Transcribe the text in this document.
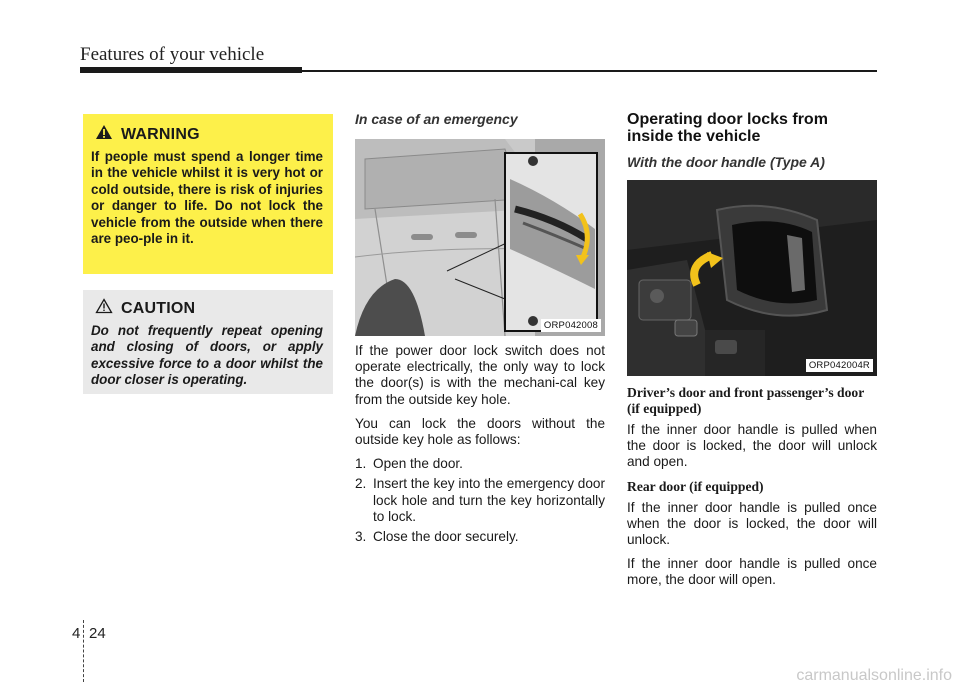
Features of your vehicle
WARNING
If people must spend a longer time in the vehicle whilst it is very hot or cold outside, there is risk of injuries or danger to life. Do not lock the vehicle from the outside when there are peo-ple in it.
CAUTION
Do not frequently repeat opening and closing of doors, or apply excessive force to a door whilst the door closer is operating.
In case of an emergency
ORP042008

If the power door lock switch does not operate electrically, the only way to lock the door(s) is with the mechani-cal key from the outside key hole.

You can lock the doors without the outside key hole as follows:

1. Open the door.
2. Insert the key into the emergency door lock hole and turn the key horizontally to lock.
3. Close the door securely.
Operating door locks from inside the vehicle
With the door handle (Type A)
ORP042004R
Driver’s door and front passenger’s door (if equipped)

If the inner door handle is pulled when the door is locked, the door will unlock and open.

Rear door (if equipped)

If the inner door handle is pulled once when the door is locked, the door will unlock.

If the inner door handle is pulled once more, the door will open.

4 24
carmanualsonline.info
